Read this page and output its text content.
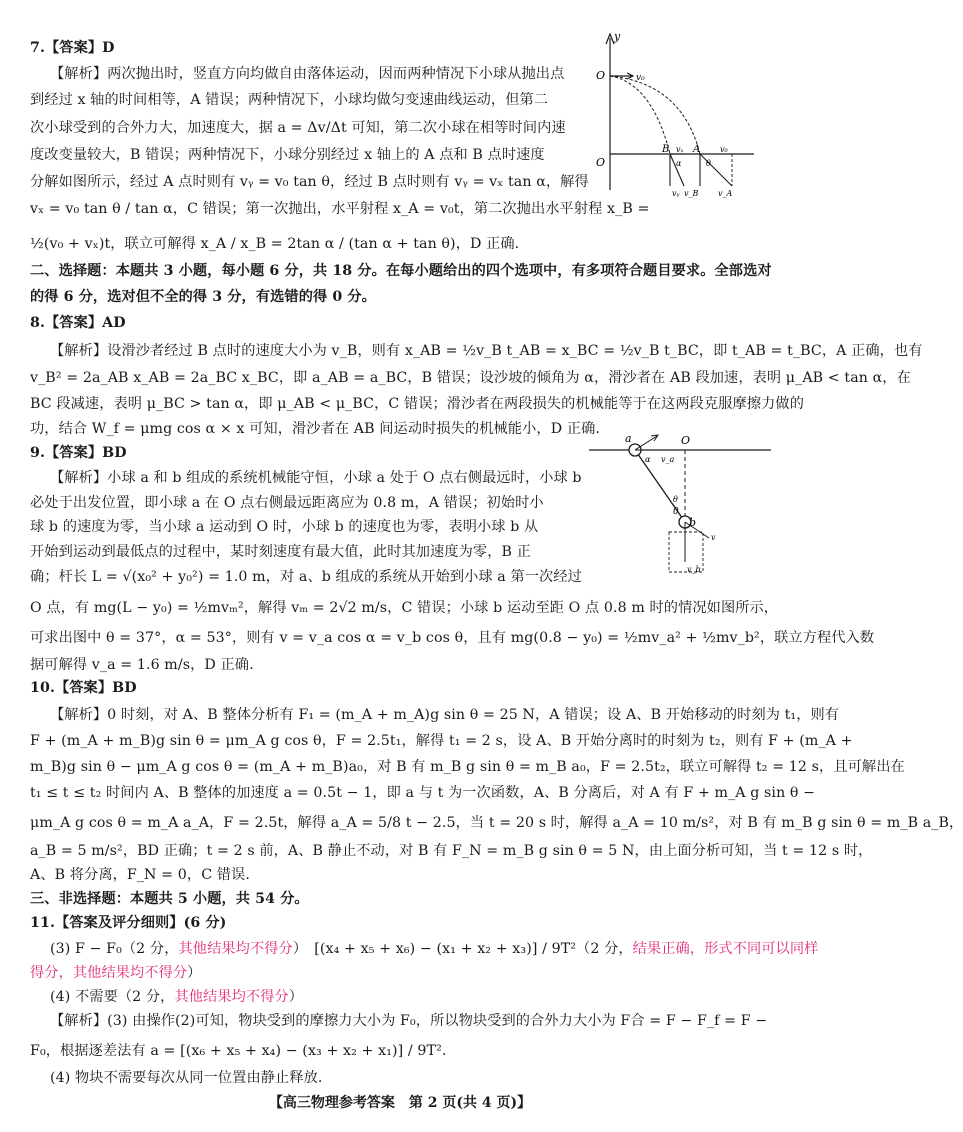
7.【答案】D
【解析】两次抛出时，竖直方向均做自由落体运动，因而两种情况下小球从抛出点
到经过 x 轴的时间相等，A 错误；两种情况下，小球均做匀变速曲线运动，但第二
次小球受到的合外力大，加速度大，据 a = Δv/Δt 可知，第二次小球在相等时间内速
度改变量较大，B 错误；两种情况下，小球分别经过 x 轴上的 A 点和 B 点时速度
分解如图所示，经过 A 点时则有 vᵧ = v₀ tan θ，经过 B 点时则有 vᵧ = vₓ tan α，解得
vₓ = v₀ tan θ / tan α，C 错误；第一次抛出，水平射程 x_A = v₀t，第二次抛出水平射程 x_B =
½(v₀ + vₓ)t，联立可解得 x_A / x_B = 2tan α / (tan α + tan θ)，D 正确.
y
O	v₀
O
B A
vₓ	v₀
vᵧ v_B v_A
α	θ
二、选择题：本题共 3 小题，每小题 6 分，共 18 分。在每小题给出的四个选项中，有多项符合题目要求。全部选对
的得 6 分，选对但不全的得 3 分，有选错的得 0 分。
8.【答案】AD
【解析】设滑沙者经过 B 点时的速度大小为 v_B，则有 x_AB = ½v_B t_AB = x_BC = ½v_B t_BC，即 t_AB = t_BC，A 正确，也有
v_B² = 2a_AB x_AB = 2a_BC x_BC，即 a_AB = a_BC，B 错误；设沙坡的倾角为 α，滑沙者在 AB 段加速，表明 μ_AB < tan α，在
BC 段减速，表明 μ_BC > tan α，即 μ_AB < μ_BC，C 错误；滑沙者在两段损失的机械能等于在这两段克服摩擦力做的
功，结合 W_f = μmg cos α × x 可知，滑沙者在 AB 间运动时损失的机械能小，D 正确.
9.【答案】BD
【解析】小球 a 和 b 组成的系统机械能守恒，小球 a 处于 O 点右侧最远时，小球 b
必处于出发位置，即小球 a 在 O 点右侧最远距离应为 0.8 m，A 错误；初始时小
球 b 的速度为零，当小球 a 运动到 O 时，小球 b 的速度也为零，表明小球 b 从
开始到运动到最低点的过程中，某时刻速度有最大值，此时其加速度为零，B 正
确；杆长 L = √(x₀² + y₀²) = 1.0 m，对 a、b 组成的系统从开始到小球 a 第一次经过
O 点，有 mg(L − y₀) = ½mvₘ²，解得 vₘ = 2√2 m/s，C 错误；小球 b 运动至距 O 点 0.8 m 时的情况如图所示，
可求出图中 θ = 37°，α = 53°，则有 v = v_a cos α = v_b cos θ，且有 mg(0.8 − y₀) = ½mv_a² + ½mv_b²，联立方程代入数
据可解得 v_a = 1.6 m/s，D 正确.
a	O
v_a
α
θ
b
v_b
v
0
10.【答案】BD
【解析】0 时刻，对 A、B 整体分析有 F₁ = (m_A + m_A)g sin θ = 25 N，A 错误；设 A、B 开始移动的时刻为 t₁，则有
F + (m_A + m_B)g sin θ = μm_A g cos θ，F = 2.5t₁，解得 t₁ = 2 s，设 A、B 开始分离时的时刻为 t₂，则有 F + (m_A +
m_B)g sin θ − μm_A g cos θ = (m_A + m_B)a₀，对 B 有 m_B g sin θ = m_B a₀，F = 2.5t₂，联立可解得 t₂ = 12 s，且可解出在
t₁ ≤ t ≤ t₂ 时间内 A、B 整体的加速度 a = 0.5t − 1，即 a 与 t 为一次函数，A、B 分离后，对 A 有 F + m_A g sin θ −
μm_A g cos θ = m_A a_A，F = 2.5t，解得 a_A = 5/8 t − 2.5，当 t = 20 s 时，解得 a_A = 10 m/s²，对 B 有 m_B g sin θ = m_B a_B，
a_B = 5 m/s²，BD 正确；t = 2 s 前，A、B 静止不动，对 B 有 F_N = m_B g sin θ = 5 N，由上面分析可知，当 t = 12 s 时，
A、B 将分离，F_N = 0，C 错误.
三、非选择题：本题共 5 小题，共 54 分。
11.【答案及评分细则】(6 分)
(3) F − F₀（2 分，其他结果均不得分）　[(x₄ + x₅ + x₆) − (x₁ + x₂ + x₃)] / 9T²（2 分，结果正确，形式不同可以同样
得分，其他结果均不得分）
(4) 不需要（2 分，其他结果均不得分）
【解析】(3) 由操作(2)可知，物块受到的摩擦力大小为 F₀，所以物块受到的合外力大小为 F合 = F − F_f = F −
F₀，根据逐差法有 a = [(x₆ + x₅ + x₄) − (x₃ + x₂ + x₁)] / 9T².
(4) 物块不需要每次从同一位置由静止释放.
【高三物理参考答案　第 2 页(共 4 页)】
